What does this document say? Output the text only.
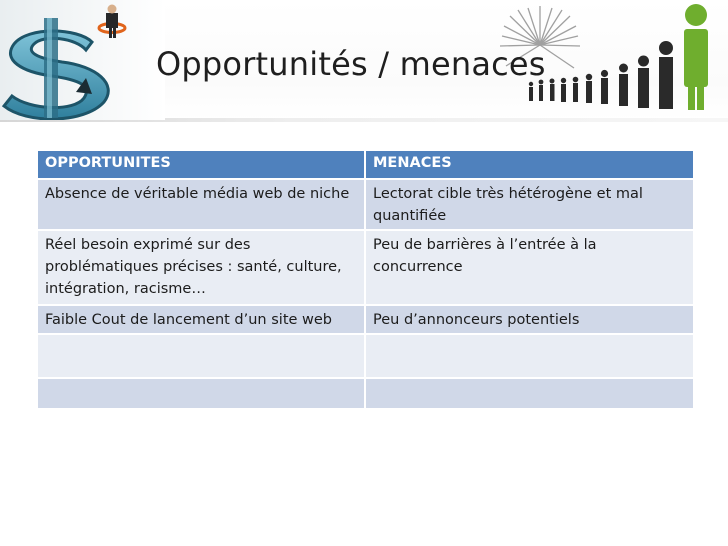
Opportunités / menaces
OPPORTUNITES	MENACES
Absence de véritable média web de niche	Lectorat cible très hétérogène et mal quantifiée
Réel besoin exprimé sur des problématiques précises : santé, culture, intégration, racisme…	Peu de barrières à l’entrée à la concurrence
Faible Cout de lancement d’un site web	Peu d’annonceurs potentiels
